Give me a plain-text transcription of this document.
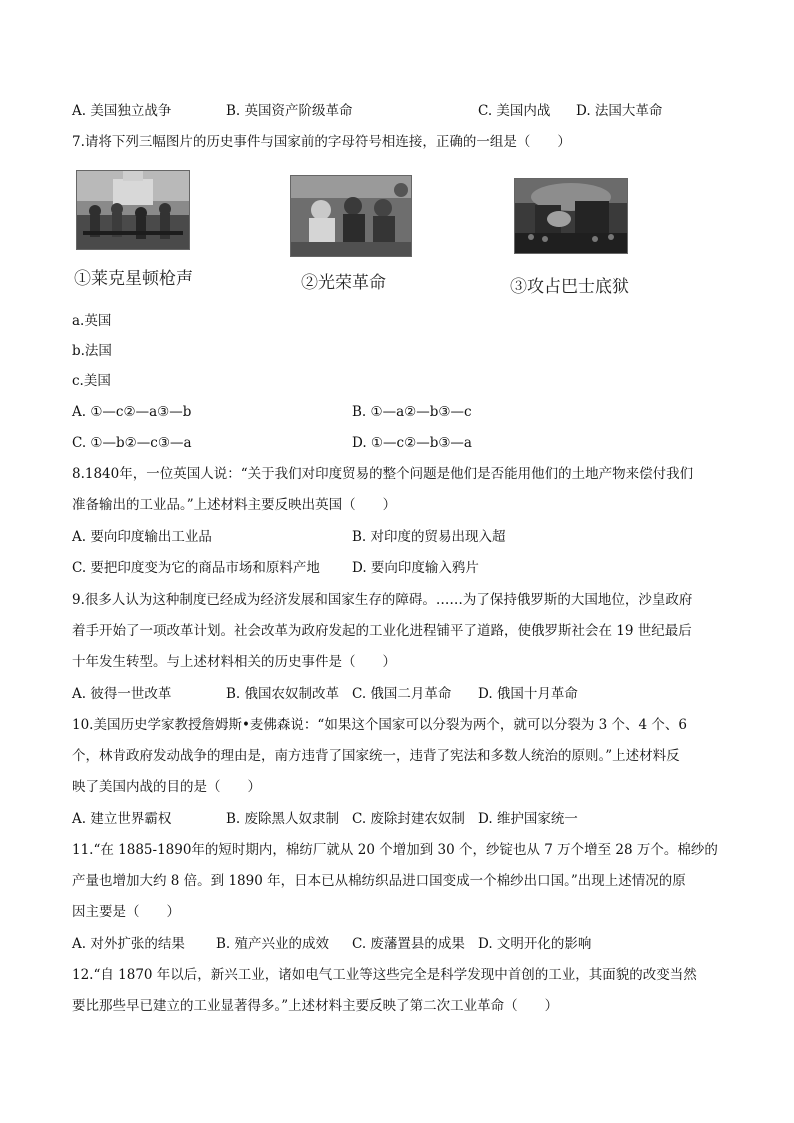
A. 美国独立战争	B. 英国资产阶级革命	C. 美国内战 D. 法国大革命
7.请将下列三幅图片的历史事件与国家前的字母符号相连接，正确的一组是（　　）
①莱克星顿枪声	②光荣革命	③攻占巴士底狱
a.英国
b.法国
c.美国
A. ①—c②—a③—b	B. ①—a②—b③—c
C. ①—b②—c③—a	D. ①—c②—b③—a
8.1840年，一位英国人说：“关于我们对印度贸易的整个问题是他们是否能用他们的土地产物来偿付我们
准备输出的工业品。”上述材料主要反映出英国（　　）
A. 要向印度输出工业品	B. 对印度的贸易出现入超
C. 要把印度变为它的商品市场和原料产地 D. 要向印度输入鸦片
9.很多人认为这种制度已经成为经济发展和国家生存的障碍。……为了保持俄罗斯的大国地位，沙皇政府
着手开始了一项改革计划。社会改革为政府发起的工业化进程铺平了道路，使俄罗斯社会在 19 世纪最后
十年发生转型。与上述材料相关的历史事件是（　　）
A. 彼得一世改革	B. 俄国农奴制改革 C. 俄国二月革命 D. 俄国十月革命
10.美国历史学家教授詹姆斯•麦佛森说：“如果这个国家可以分裂为两个，就可以分裂为 3 个、4 个、6
个，林肯政府发动战争的理由是，南方违背了国家统一，违背了宪法和多数人统治的原则。”上述材料反
映了美国内战的目的是（　　）
A. 建立世界霸权	B. 废除黑人奴隶制 C. 废除封建农奴制 D. 维护国家统一
11.“在 1885-1890年的短时期内，棉纺厂就从 20 个增加到 30 个，纱锭也从 7 万个增至 28 万个。棉纱的
产量也增加大约 8 倍。到 1890 年，日本已从棉纺织品进口国变成一个棉纱出口国。”出现上述情况的原
因主要是（　　）
A. 对外扩张的结果 B. 殖产兴业的成效 C. 废藩置县的成果 D. 文明开化的影响
12.“自 1870 年以后，新兴工业，诸如电气工业等这些完全是科学发现中首创的工业，其面貌的改变当然
要比那些早已建立的工业显著得多。”上述材料主要反映了第二次工业革命（　　）
